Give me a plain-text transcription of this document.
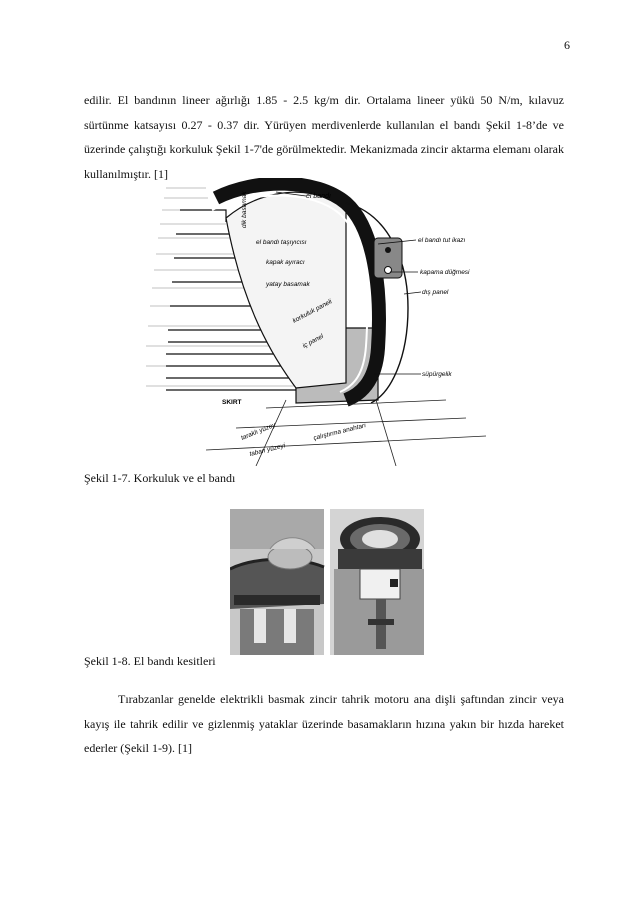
6

edilir. El bandının lineer ağırlığı 1.85 - 2.5 kg/m dir. Ortalama lineer yükü 50 N/m, kılavuz sürtünme katsayısı 0.27 - 0.37 dir. Yürüyen merdivenlerde kullanılan el bandı Şekil 1-8’de ve üzerinde çalıştığı korkuluk Şekil 1-7'de görülmektedir. Mekanizmada zincir aktarma elemanı olarak kullanılmıştır. [1]

dik basamak	el bandı
el bandı taşıyıcısı	el bandı tut ikazı
kapak ayıracı
kapama düğmesi
yatay basamak
dış panel
korkuluk paneli
iç panel
süpürgelik
SKIRT
taraklı yüzey	çalıştırma anahtarı
taban yüzeyi

Şekil 1-7. Korkuluk ve el bandı

Şekil 1-8. El bandı kesitleri

Tırabzanlar genelde elektrikli basmak zincir tahrik motoru ana dişli şaftından zincir veya kayış ile tahrik edilir ve gizlenmiş yataklar üzerinde basamakların hızına yakın bir hızda hareket ederler (Şekil 1-9). [1]
